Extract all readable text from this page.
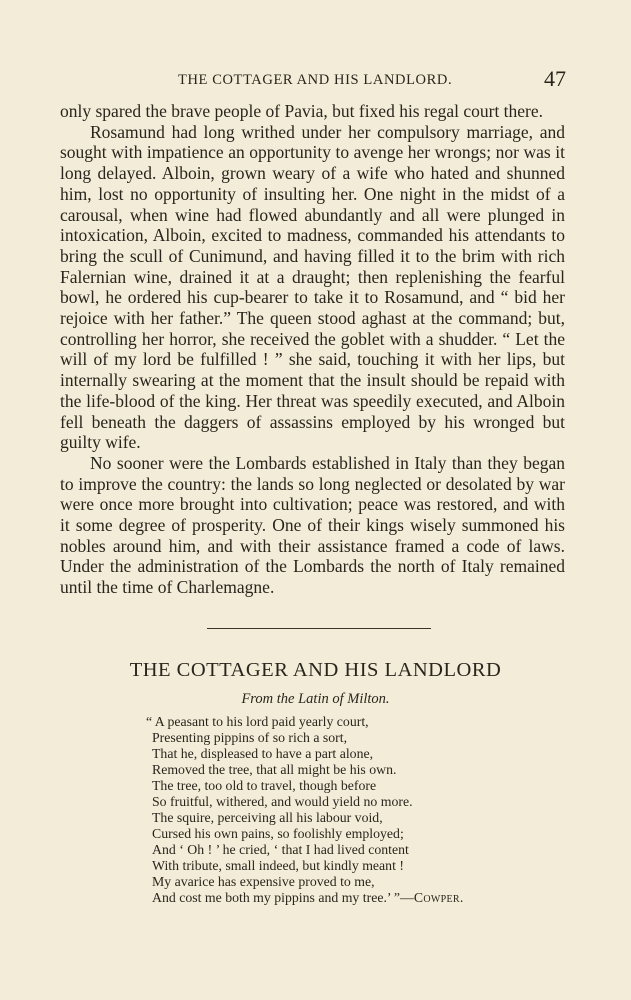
THE COTTAGER AND HIS LANDLORD.	47

only spared the brave people of Pavia, but fixed his regal court there.

Rosamund had long writhed under her compulsory marriage, and sought with impatience an opportunity to avenge her wrongs; nor was it long delayed. Alboin, grown weary of a wife who hated and shunned him, lost no opportunity of insulting her. One night in the midst of a carousal, when wine had flowed abundantly and all were plunged in intoxication, Alboin, excited to madness, commanded his attendants to bring the scull of Cunimund, and having filled it to the brim with rich Falernian wine, drained it at a draught; then replenishing the fearful bowl, he ordered his cup-bearer to take it to Rosamund, and “ bid her rejoice with her father.” The queen stood aghast at the command; but, controlling her horror, she received the goblet with a shudder. “ Let the will of my lord be fulfilled ! ” she said, touching it with her lips, but internally swearing at the moment that the insult should be repaid with the life-blood of the king. Her threat was speedily executed, and Alboin fell beneath the daggers of assassins employed by his wronged but guilty wife.

No sooner were the Lombards established in Italy than they began to improve the country: the lands so long neglected or desolated by war were once more brought into cultivation; peace was restored, and with it some degree of prosperity. One of their kings wisely summoned his nobles around him, and with their assistance framed a code of laws. Under the administration of the Lombards the north of Italy remained until the time of Charlemagne.

THE COTTAGER AND HIS LANDLORD
From the Latin of Milton.
“ A peasant to his lord paid yearly court,
Presenting pippins of so rich a sort,
That he, displeased to have a part alone,
Removed the tree, that all might be his own.
The tree, too old to travel, though before
So fruitful, withered, and would yield no more.
The squire, perceiving all his labour void,
Cursed his own pains, so foolishly employed;
And ‘ Oh ! ’ he cried, ‘ that I had lived content
With tribute, small indeed, but kindly meant !
My avarice has expensive proved to me,
And cost me both my pippins and my tree.’ ”—Cowper.
